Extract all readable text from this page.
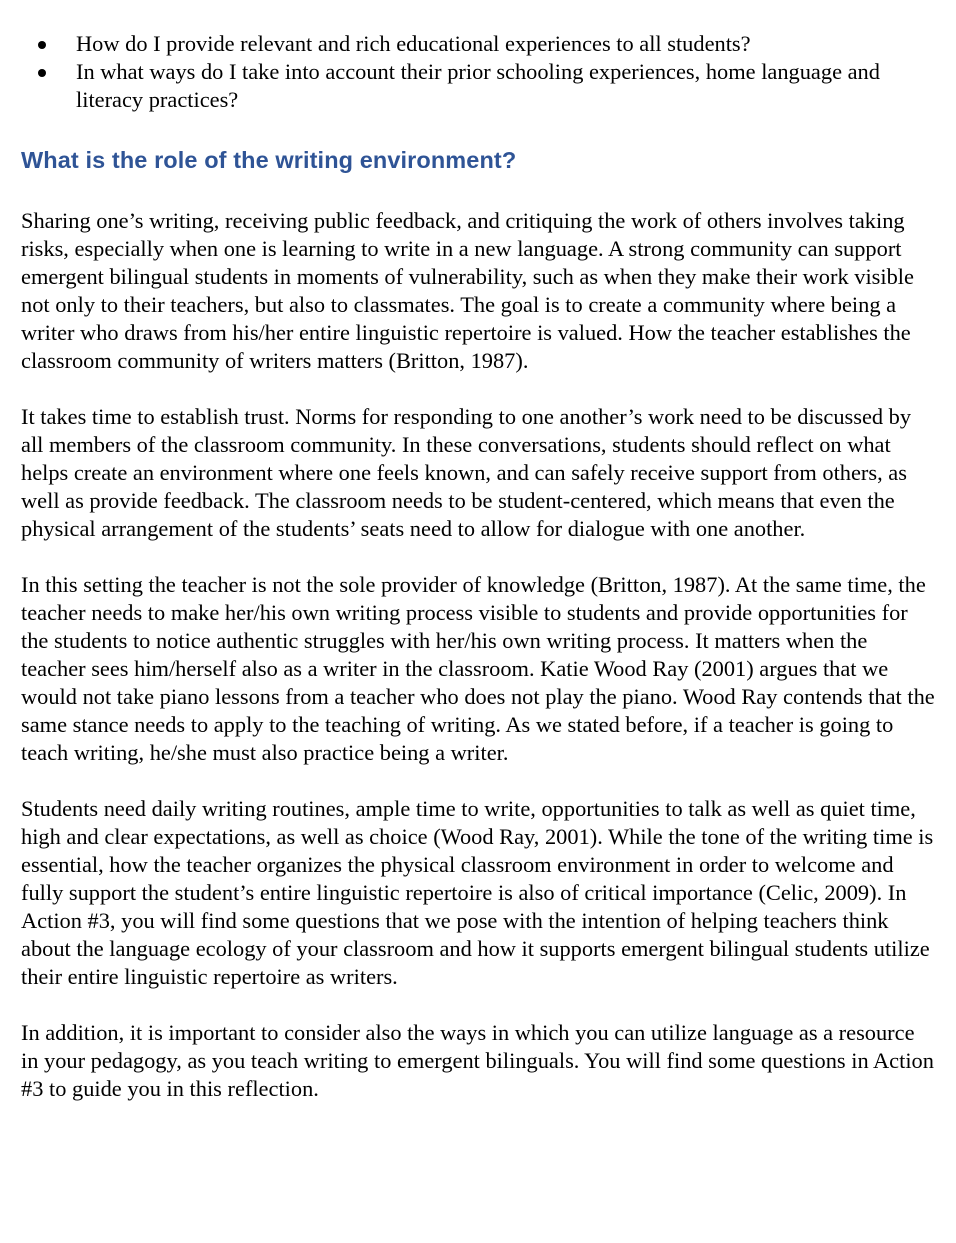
How do I provide relevant and rich educational experiences to all students?
In what ways do I take into account their prior schooling experiences, home language and literacy practices?
What is the role of the writing environment?

Sharing one’s writing, receiving public feedback, and critiquing the work of others involves taking risks, especially when one is learning to write in a new language. A strong community can support emergent bilingual students in moments of vulnerability, such as when they make their work visible not only to their teachers, but also to classmates. The goal is to create a community where being a writer who draws from his/her entire linguistic repertoire is valued. How the teacher establishes the classroom community of writers matters (Britton, 1987).

It takes time to establish trust. Norms for responding to one another’s work need to be discussed by all members of the classroom community. In these conversations, students should reflect on what helps create an environment where one feels known, and can safely receive support from others, as well as provide feedback. The classroom needs to be student-centered, which means that even the physical arrangement of the students’ seats need to allow for dialogue with one another.

In this setting the teacher is not the sole provider of knowledge (Britton, 1987). At the same time, the teacher needs to make her/his own writing process visible to students and provide opportunities for the students to notice authentic struggles with her/his own writing process. It matters when the teacher sees him/herself also as a writer in the classroom. Katie Wood Ray (2001) argues that we would not take piano lessons from a teacher who does not play the piano. Wood Ray contends that the same stance needs to apply to the teaching of writing. As we stated before, if a teacher is going to teach writing, he/she must also practice being a writer.

Students need daily writing routines, ample time to write, opportunities to talk as well as quiet time, high and clear expectations, as well as choice (Wood Ray, 2001). While the tone of the writing time is essential, how the teacher organizes the physical classroom environment in order to welcome and fully support the student’s entire linguistic repertoire is also of critical importance (Celic, 2009). In Action #3, you will find some questions that we pose with the intention of helping teachers think about the language ecology of your classroom and how it supports emergent bilingual students utilize their entire linguistic repertoire as writers.

In addition, it is important to consider also the ways in which you can utilize language as a resource in your pedagogy, as you teach writing to emergent bilinguals. You will find some questions in Action #3 to guide you in this reflection.
